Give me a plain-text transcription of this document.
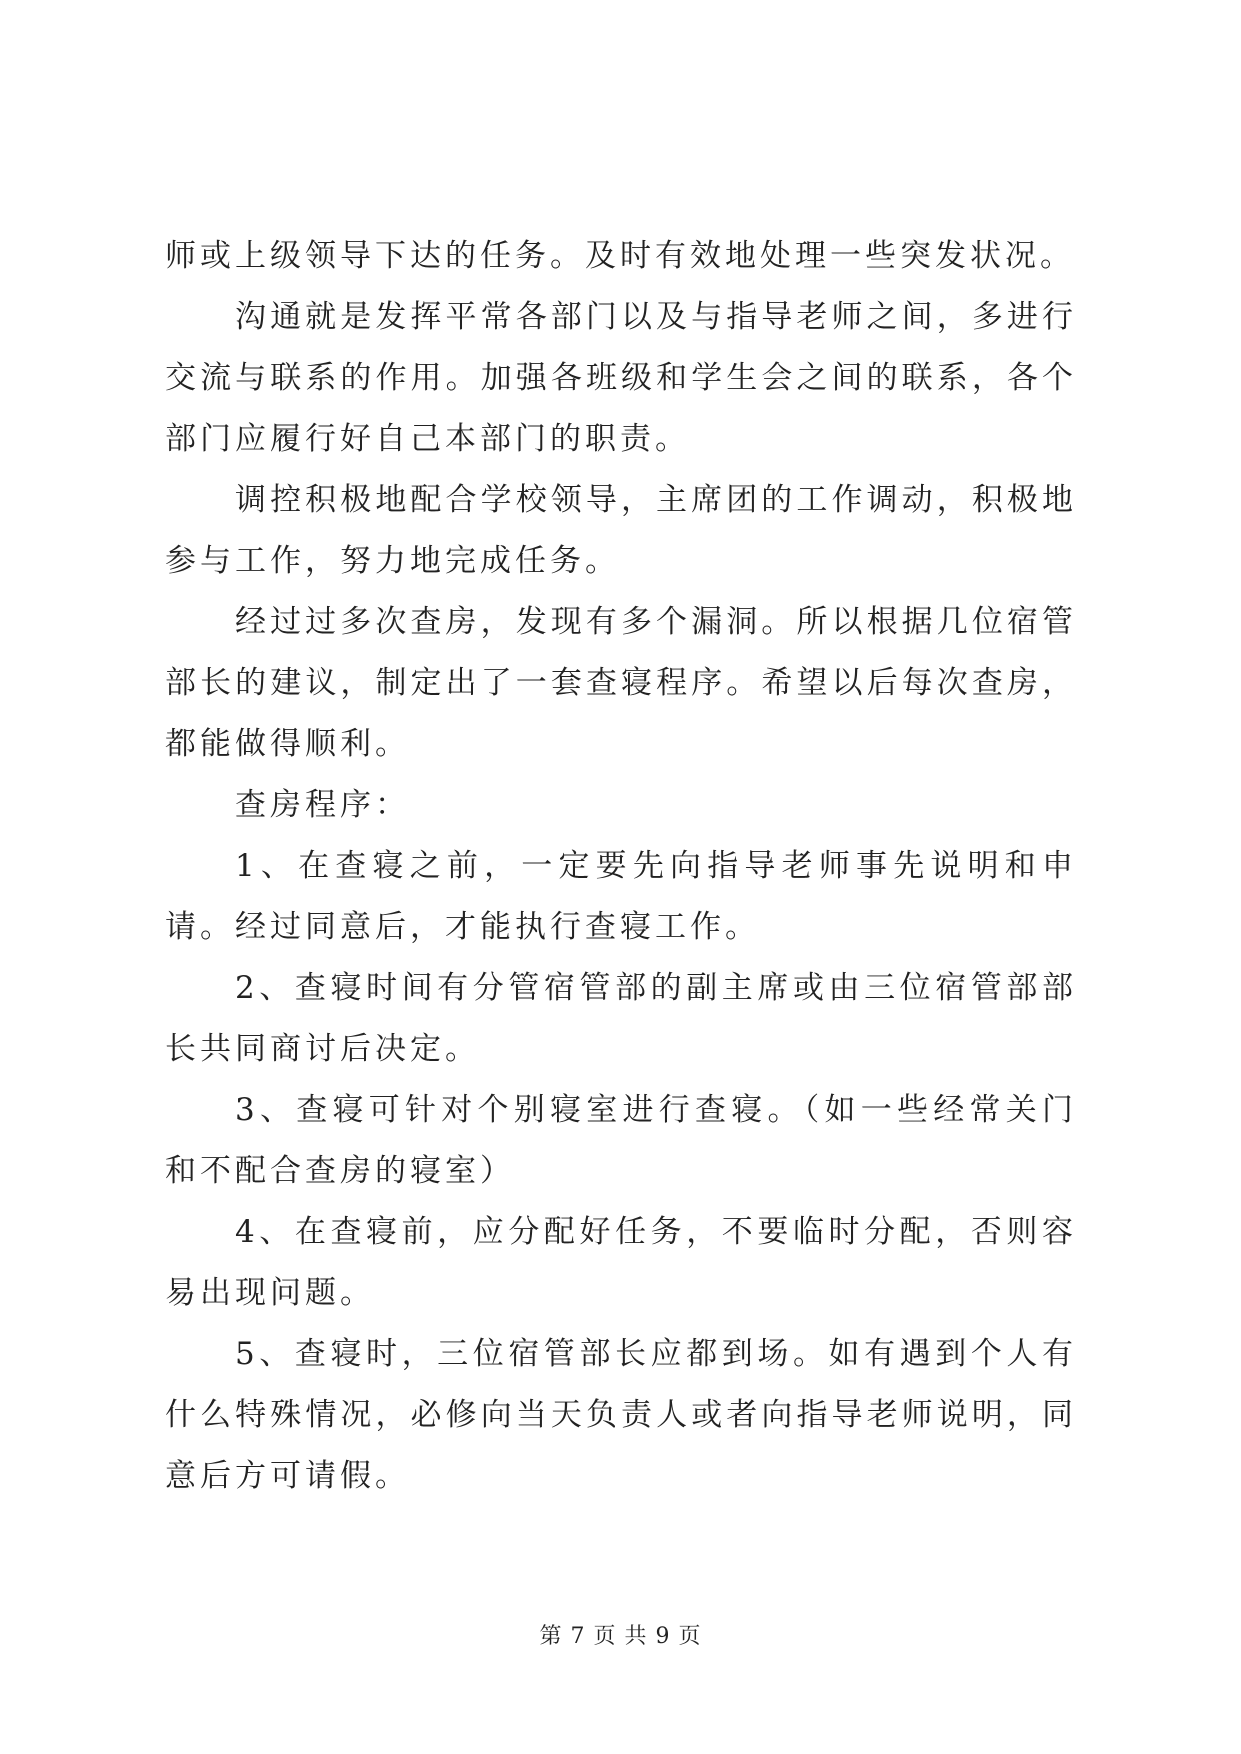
师或上级领导下达的任务。及时有效地处理一些突发状况。

沟通就是发挥平常各部门以及与指导老师之间，多进行交流与联系的作用。加强各班级和学生会之间的联系，各个部门应履行好自己本部门的职责。

调控积极地配合学校领导，主席团的工作调动，积极地参与工作，努力地完成任务。

经过过多次查房，发现有多个漏洞。所以根据几位宿管部长的建议，制定出了一套查寝程序。希望以后每次查房，都能做得顺利。

查房程序：

1、在查寝之前，一定要先向指导老师事先说明和申请。经过同意后，才能执行查寝工作。

2、查寝时间有分管宿管部的副主席或由三位宿管部部长共同商讨后决定。

3、查寝可针对个别寝室进行查寝。（如一些经常关门和不配合查房的寝室）

4、在查寝前，应分配好任务，不要临时分配，否则容易出现问题。

5、查寝时，三位宿管部长应都到场。如有遇到个人有什么特殊情况，必修向当天负责人或者向指导老师说明，同意后方可请假。

第 7 页 共 9 页
